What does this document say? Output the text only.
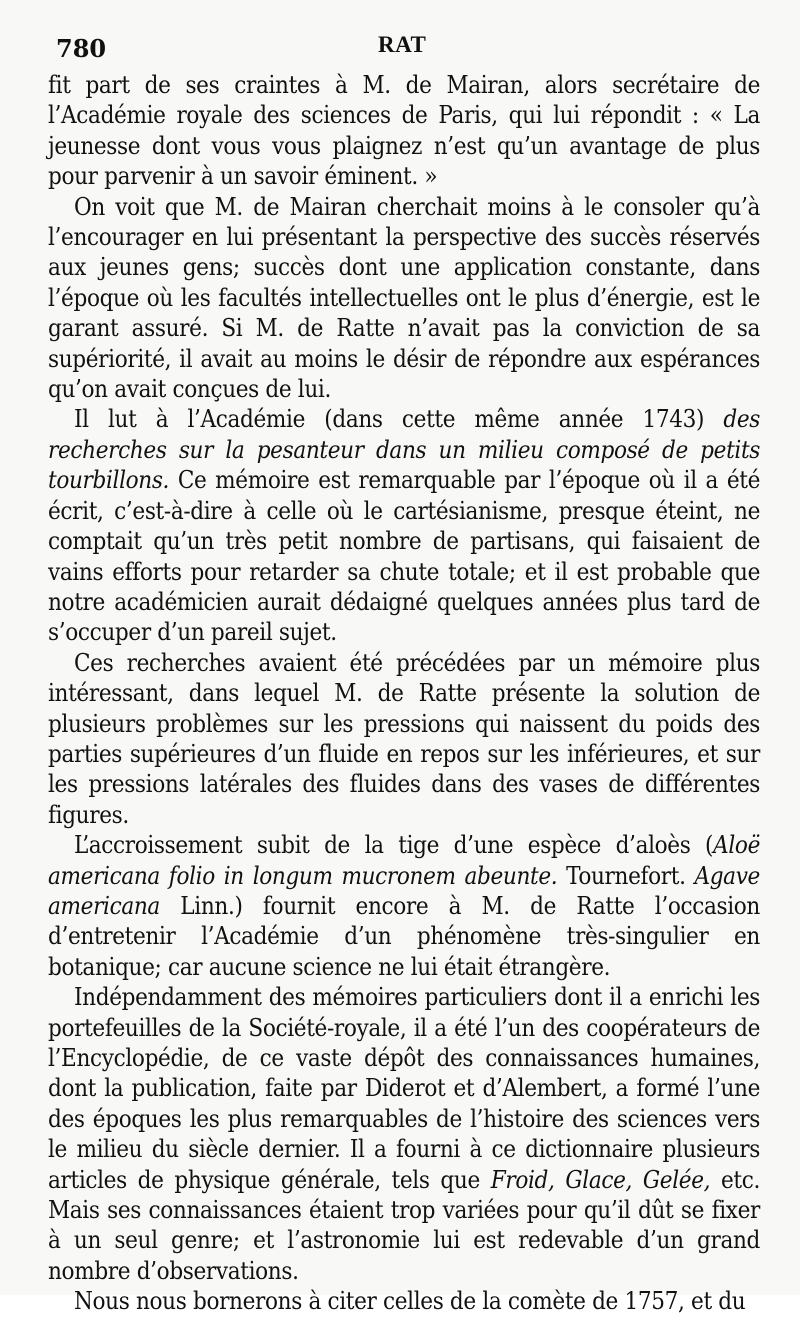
780	RAT

fit part de ses craintes à M. de Mairan, alors secrétaire de l’Académie royale des sciences de Paris, qui lui répondit : « La jeunesse dont vous vous plaignez n’est qu’un avantage de plus pour parvenir à un savoir éminent. »

On voit que M. de Mairan cherchait moins à le consoler qu’à l’encourager en lui présentant la perspective des succès réservés aux jeunes gens; succès dont une application constante, dans l’époque où les facultés intellectuelles ont le plus d’énergie, est le garant assuré. Si M. de Ratte n’avait pas la conviction de sa supériorité, il avait au moins le désir de répondre aux espérances qu’on avait conçues de lui.

Il lut à l’Académie (dans cette même année 1743) des recherches sur la pesanteur dans un milieu composé de petits tourbillons. Ce mémoire est remarquable par l’époque où il a été écrit, c’est-à-dire à celle où le cartésianisme, presque éteint, ne comptait qu’un très petit nombre de partisans, qui faisaient de vains efforts pour retarder sa chute totale; et il est probable que notre académicien aurait dédaigné quelques années plus tard de s’occuper d’un pareil sujet.

Ces recherches avaient été précédées par un mémoire plus intéressant, dans lequel M. de Ratte présente la solution de plusieurs problèmes sur les pressions qui naissent du poids des parties supérieures d’un fluide en repos sur les inférieures, et sur les pressions latérales des fluides dans des vases de différentes figures.

L’accroissement subit de la tige d’une espèce d’aloès (Aloë americana folio in longum mucronem abeunte. Tournefort. Agave americana Linn.) fournit encore à M. de Ratte l’occasion d’entretenir l’Académie d’un phénomène très-singulier en botanique; car aucune science ne lui était étrangère.

Indépendamment des mémoires particuliers dont il a enrichi les portefeuilles de la Société-royale, il a été l’un des coopérateurs de l’Encyclopédie, de ce vaste dépôt des connaissances humaines, dont la publication, faite par Diderot et d’Alembert, a formé l’une des époques les plus remarquables de l’histoire des sciences vers le milieu du siècle dernier. Il a fourni à ce dictionnaire plusieurs articles de physique générale, tels que Froid, Glace, Gelée, etc. Mais ses connaissances étaient trop variées pour qu’il dût se fixer à un seul genre; et l’astronomie lui est redevable d’un grand nombre d’observations.

Nous nous bornerons à citer celles de la comète de 1757, et du
